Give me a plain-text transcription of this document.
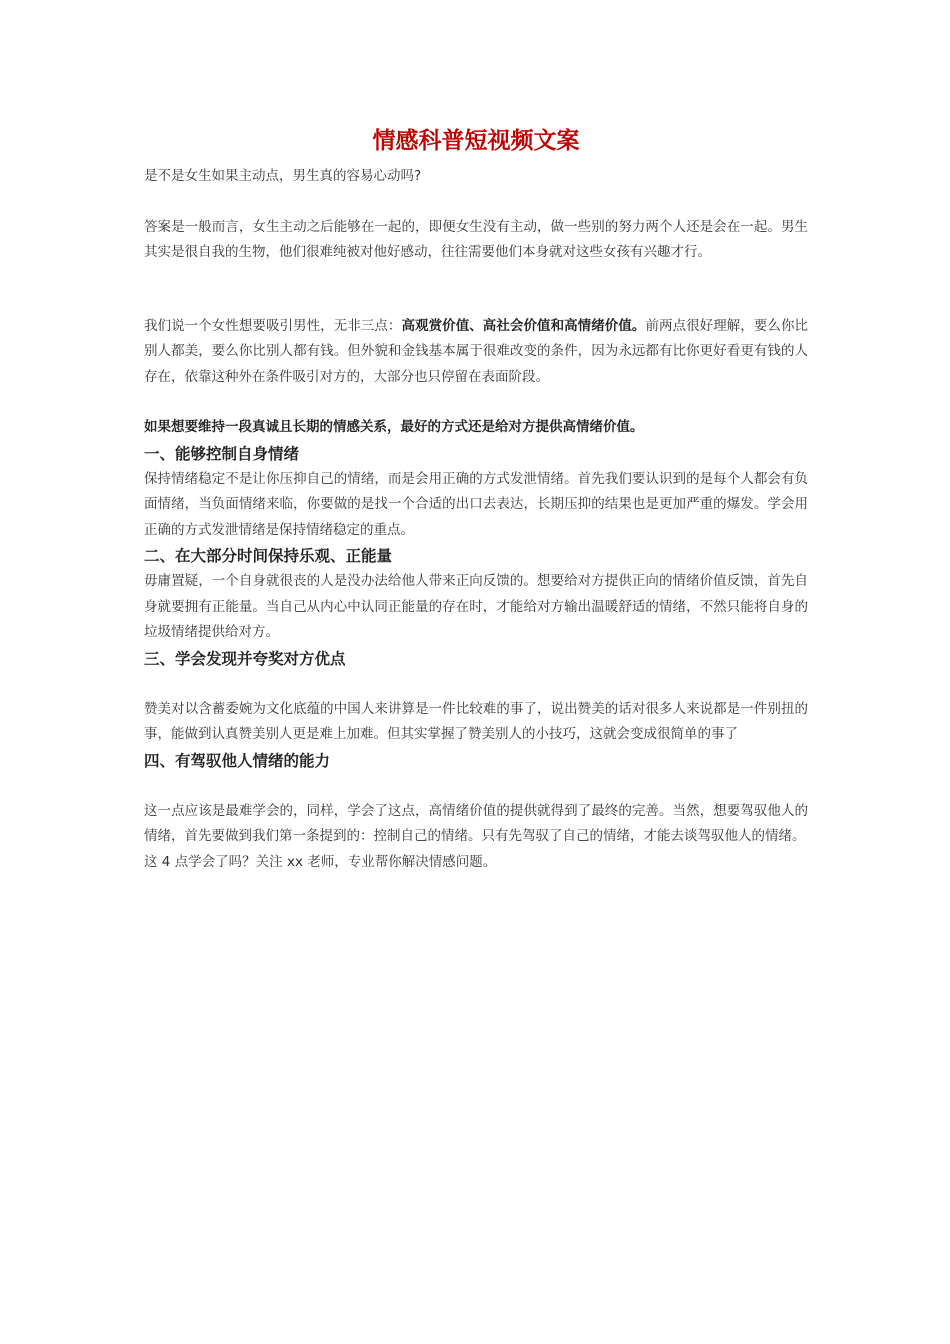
情感科普短视频文案

是不是女生如果主动点，男生真的容易心动吗?

答案是一般而言，女生主动之后能够在一起的，即便女生没有主动，做一些别的努力两个人还是会在一起。男生其实是很自我的生物，他们很难纯被对他好感动，往往需要他们本身就对这些女孩有兴趣才行。

我们说一个女性想要吸引男性，无非三点：高观赏价值、高社会价值和高情绪价值。前两点很好理解，要么你比别人都美，要么你比别人都有钱。但外貌和金钱基本属于很难改变的条件，因为永远都有比你更好看更有钱的人存在，依靠这种外在条件吸引对方的，大部分也只停留在表面阶段。

如果想要维持一段真诚且长期的情感关系，最好的方式还是给对方提供高情绪价值。

一、能够控制自身情绪

保持情绪稳定不是让你压抑自己的情绪，而是会用正确的方式发泄情绪。首先我们要认识到的是每个人都会有负面情绪，当负面情绪来临，你要做的是找一个合适的出口去表达，长期压抑的结果也是更加严重的爆发。学会用正确的方式发泄情绪是保持情绪稳定的重点。

二、在大部分时间保持乐观、正能量

毋庸置疑，一个自身就很丧的人是没办法给他人带来正向反馈的。想要给对方提供正向的情绪价值反馈，首先自身就要拥有正能量。当自己从内心中认同正能量的存在时，才能给对方输出温暖舒适的情绪，不然只能将自身的垃圾情绪提供给对方。

三、学会发现并夸奖对方优点

赞美对以含蓄委婉为文化底蕴的中国人来讲算是一件比较难的事了，说出赞美的话对很多人来说都是一件别扭的事，能做到认真赞美别人更是难上加难。但其实掌握了赞美别人的小技巧，这就会变成很简单的事了

四、有驾驭他人情绪的能力

这一点应该是最难学会的，同样，学会了这点，高情绪价值的提供就得到了最终的完善。当然，想要驾驭他人的情绪，首先要做到我们第一条提到的：控制自己的情绪。只有先驾驭了自己的情绪，才能去谈驾驭他人的情绪。

这 4 点学会了吗？关注 xx 老师，专业帮你解决情感问题。
